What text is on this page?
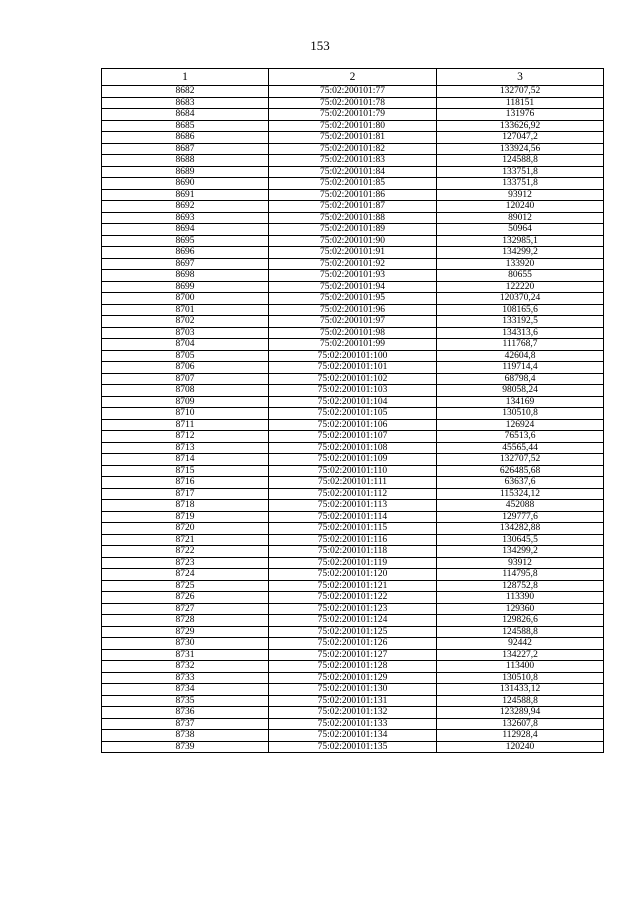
153
1	2	3
8682	75:02:200101:77	132707,52
8683	75:02:200101:78	118151
8684	75:02:200101:79	131976
8685	75:02:200101:80	133626,92
8686	75:02:200101:81	127047,2
8687	75:02:200101:82	133924,56
8688	75:02:200101:83	124588,8
8689	75:02:200101:84	133751,8
8690	75:02:200101:85	133751,8
8691	75:02:200101:86	93912
8692	75:02:200101:87	120240
8693	75:02:200101:88	89012
8694	75:02:200101:89	50964
8695	75:02:200101:90	132985,1
8696	75:02:200101:91	134299,2
8697	75:02:200101:92	133920
8698	75:02:200101:93	80655
8699	75:02:200101:94	122220
8700	75:02:200101:95	120370,24
8701	75:02:200101:96	108165,6
8702	75:02:200101:97	133192,5
8703	75:02:200101:98	134313,6
8704	75:02:200101:99	111768,7
8705	75:02:200101:100	42604,8
8706	75:02:200101:101	119714,4
8707	75:02:200101:102	68798,4
8708	75:02:200101:103	98058,24
8709	75:02:200101:104	134169
8710	75:02:200101:105	130510,8
8711	75:02:200101:106	126924
8712	75:02:200101:107	76513,6
8713	75:02:200101:108	45565,44
8714	75:02:200101:109	132707,52
8715	75:02:200101:110	626485,68
8716	75:02:200101:111	63637,6
8717	75:02:200101:112	115324,12
8718	75:02:200101:113	452088
8719	75:02:200101:114	129777,6
8720	75:02:200101:115	134282,88
8721	75:02:200101:116	130645,5
8722	75:02:200101:118	134299,2
8723	75:02:200101:119	93912
8724	75:02:200101:120	114795,8
8725	75:02:200101:121	128752,8
8726	75:02:200101:122	113390
8727	75:02:200101:123	129360
8728	75:02:200101:124	129826,6
8729	75:02:200101:125	124588,8
8730	75:02:200101:126	92442
8731	75:02:200101:127	134227,2
8732	75:02:200101:128	113400
8733	75:02:200101:129	130510,8
8734	75:02:200101:130	131433,12
8735	75:02:200101:131	124588,8
8736	75:02:200101:132	123289,94
8737	75:02:200101:133	132607,8
8738	75:02:200101:134	112928,4
8739	75:02:200101:135	120240
